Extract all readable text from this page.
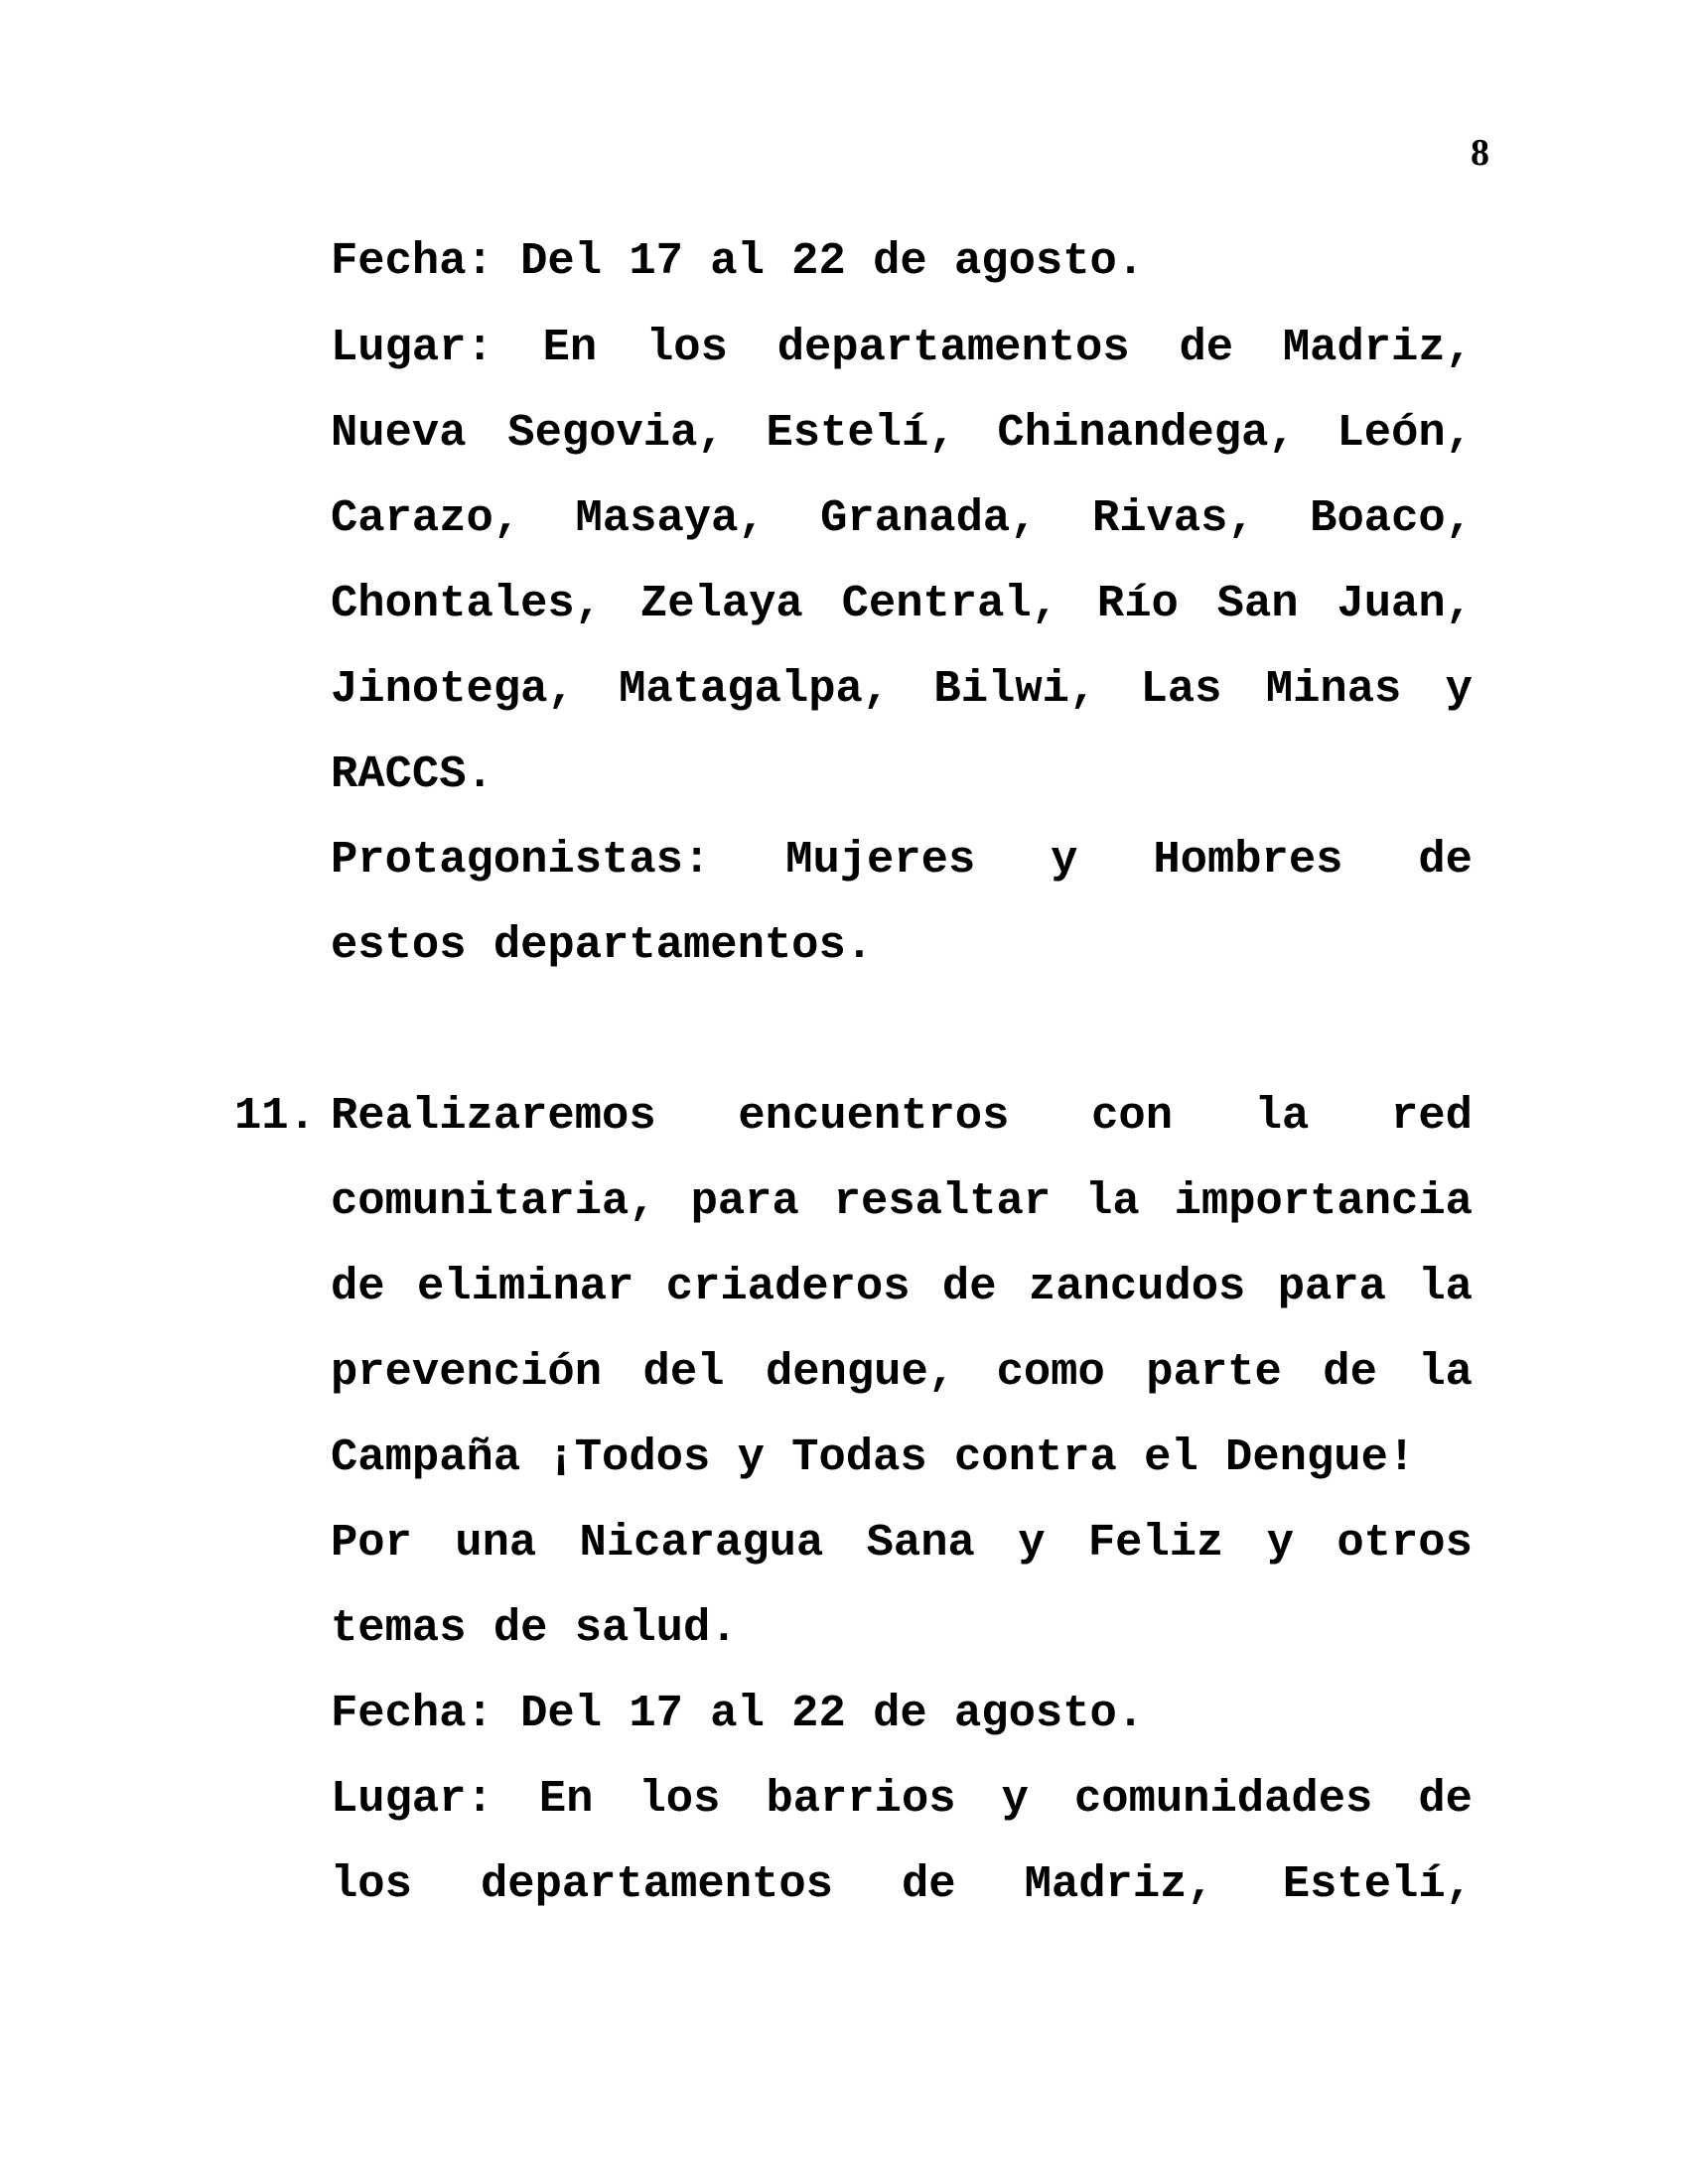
8
Fecha: Del 17 al 22 de agosto.
Lugar: En los departamentos de Madriz,
Nueva Segovia, Estelí, Chinandega, León,
Carazo, Masaya, Granada, Rivas, Boaco,
Chontales, Zelaya Central, Río San Juan,
Jinotega, Matagalpa, Bilwi, Las Minas y
RACCS.
Protagonistas: Mujeres y Hombres de
estos departamentos.
11. Realizaremos encuentros con la red
comunitaria, para resaltar la importancia
de eliminar criaderos de zancudos para la
prevención del dengue, como parte de la
Campaña ¡Todos y Todas contra el Dengue!
Por una Nicaragua Sana y Feliz y otros
temas de salud.
Fecha: Del 17 al 22 de agosto.
Lugar: En los barrios y comunidades de
los departamentos de Madriz, Estelí,
